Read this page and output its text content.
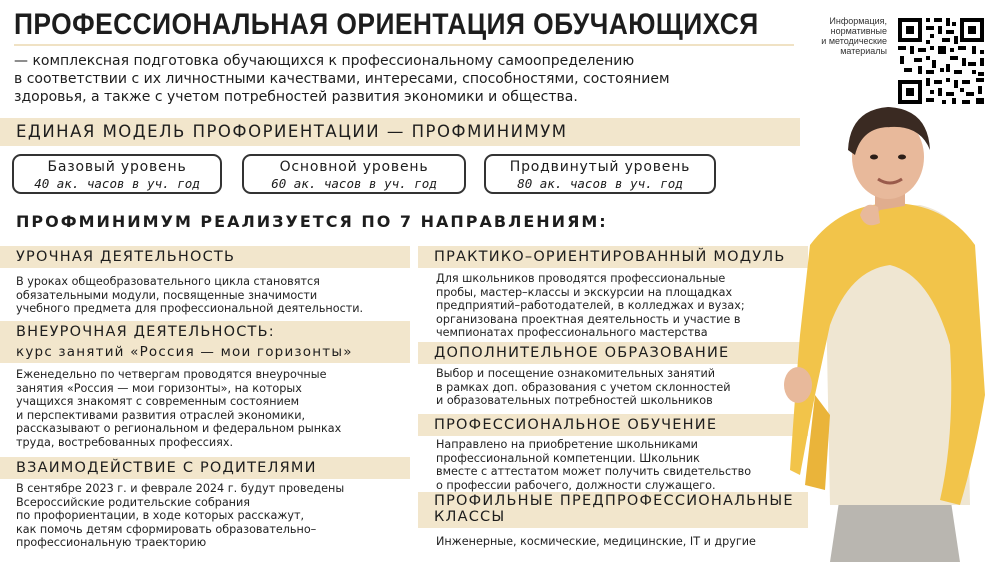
ПРОФЕССИОНАЛЬНАЯ ОРИЕНТАЦИЯ ОБУЧАЮЩИХСЯ
— комплексная подготовка обучающихся к профессиональному самоопределению
в соответствии с их личностными качествами, интересами, способностями, состоянием
здоровья, а также с учетом потребностей развития экономики и общества.
Информация,
нормативные
и методические
материалы
ЕДИНАЯ МОДЕЛЬ ПРОФОРИЕНТАЦИИ — ПРОФМИНИМУМ
Базовый уровень
40 ак. часов в уч. год
Основной уровень
60 ак. часов в уч. год
Продвинутый уровень
80 ак. часов в уч. год
ПРОФМИНИМУМ РЕАЛИЗУЕТСЯ ПО 7 НАПРАВЛЕНИЯМ:
УРОЧНАЯ ДЕЯТЕЛЬНОСТЬ
В уроках общеобразовательного цикла становятся
обязательными модули, посвященные значимости
учебного предмета для профессиональной деятельности.
ВНЕУРОЧНАЯ ДЕЯТЕЛЬНОСТЬ:
курс занятий «Россия — мои горизонты»
Еженедельно по четвергам проводятся внеурочные
занятия «Россия — мои горизонты», на которых
учащихся знакомят с современным состоянием
и перспективами развития отраслей экономики,
рассказывают о региональном и федеральном рынках
труда, востребованных профессиях.
ВЗАИМОДЕЙСТВИЕ С РОДИТЕЛЯМИ
В сентябре 2023 г. и феврале 2024 г. будут проведены
Всероссийские родительские собрания
по профориентации, в ходе которых расскажут,
как помочь детям сформировать образовательно–
профессиональную траекторию
ПРАКТИКО–ОРИЕНТИРОВАННЫЙ МОДУЛЬ
Для школьников проводятся профессиональные
пробы, мастер–классы и экскурсии на площадках
предприятий–работодателей, в колледжах и вузах;
организована проектная деятельность и участие в
чемпионатах профессионального мастерства
ДОПОЛНИТЕЛЬНОЕ ОБРАЗОВАНИЕ
Выбор и посещение ознакомительных занятий
в рамках доп. образования с учетом склонностей
и образовательных потребностей школьников
ПРОФЕССИОНАЛЬНОЕ ОБУЧЕНИЕ
Направлено на приобретение школьниками
профессиональной компетенции. Школьник
вместе с аттестатом может получить свидетельство
о профессии рабочего, должности служащего.
ПРОФИЛЬНЫЕ ПРЕДПРОФЕССИОНАЛЬНЫЕ
КЛАССЫ
Инженерные, космические, медицинские, IT и другие
